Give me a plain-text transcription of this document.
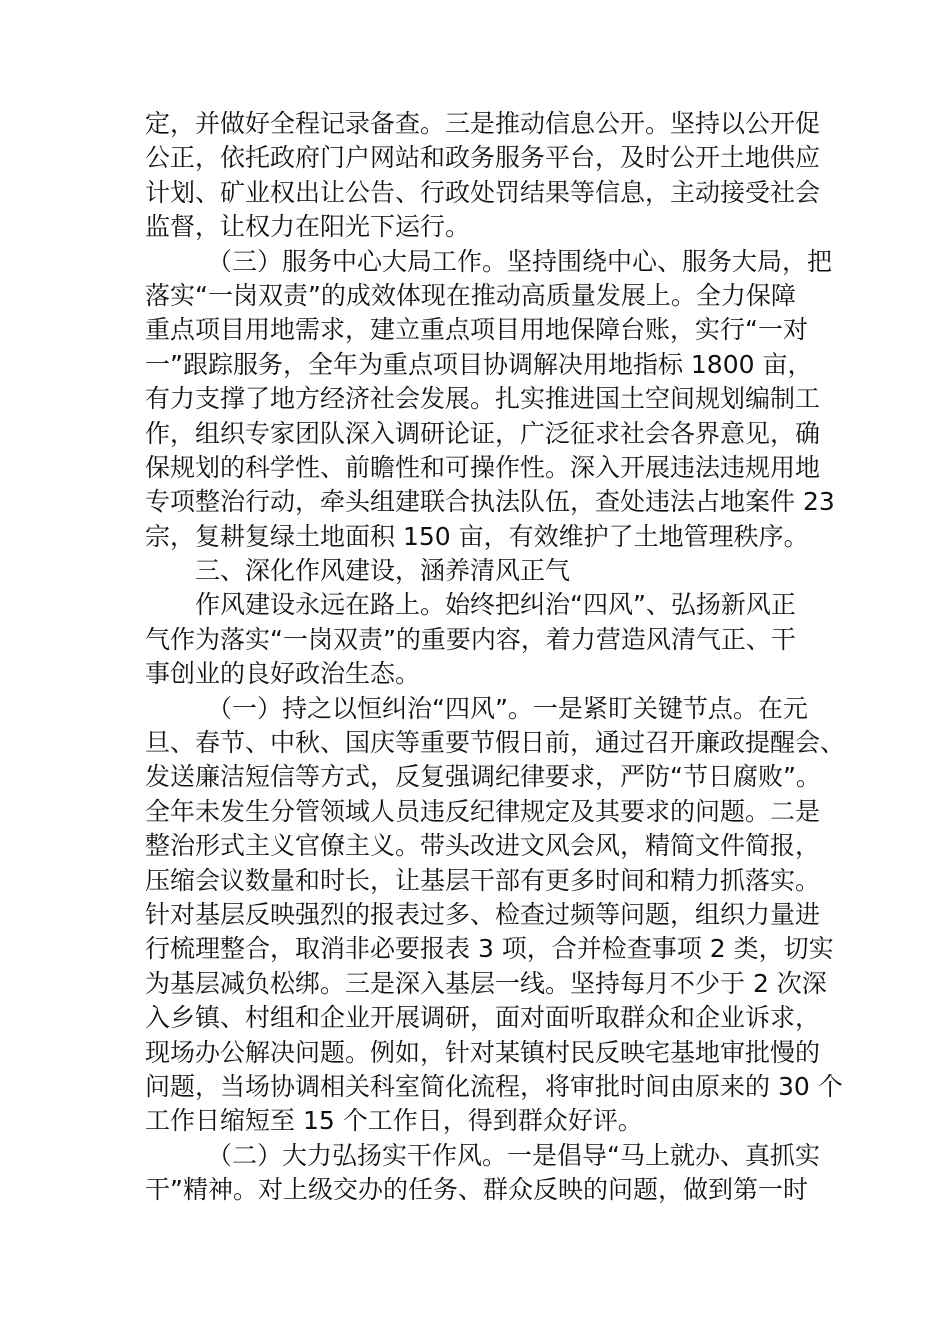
定，并做好全程记录备查。三是推动信息公开。坚持以公开促
公正，依托政府门户网站和政务服务平台，及时公开土地供应
计划、矿业权出让公告、行政处罚结果等信息，主动接受社会
监督，让权力在阳光下运行。
（三）服务中心大局工作。坚持围绕中心、服务大局，把
落实“一岗双责”的成效体现在推动高质量发展上。全力保障
重点项目用地需求，建立重点项目用地保障台账，实行“一对
一”跟踪服务，全年为重点项目协调解决用地指标 1800 亩，
有力支撑了地方经济社会发展。扎实推进国土空间规划编制工
作，组织专家团队深入调研论证，广泛征求社会各界意见，确
保规划的科学性、前瞻性和可操作性。深入开展违法违规用地
专项整治行动，牵头组建联合执法队伍，查处违法占地案件 23
宗，复耕复绿土地面积 150 亩，有效维护了土地管理秩序。
三、深化作风建设，涵养清风正气
作风建设永远在路上。始终把纠治“四风”、弘扬新风正
气作为落实“一岗双责”的重要内容，着力营造风清气正、干
事创业的良好政治生态。
（一）持之以恒纠治“四风”。一是紧盯关键节点。在元
旦、春节、中秋、国庆等重要节假日前，通过召开廉政提醒会、
发送廉洁短信等方式，反复强调纪律要求，严防“节日腐败”。
全年未发生分管领域人员违反纪律规定及其要求的问题。二是
整治形式主义官僚主义。带头改进文风会风，精简文件简报，
压缩会议数量和时长，让基层干部有更多时间和精力抓落实。
针对基层反映强烈的报表过多、检查过频等问题，组织力量进
行梳理整合，取消非必要报表 3 项，合并检查事项 2 类，切实
为基层减负松绑。三是深入基层一线。坚持每月不少于 2 次深
入乡镇、村组和企业开展调研，面对面听取群众和企业诉求，
现场办公解决问题。例如，针对某镇村民反映宅基地审批慢的
问题，当场协调相关科室简化流程，将审批时间由原来的 30 个
工作日缩短至 15 个工作日，得到群众好评。
（二）大力弘扬实干作风。一是倡导“马上就办、真抓实
干”精神。对上级交办的任务、群众反映的问题，做到第一时
